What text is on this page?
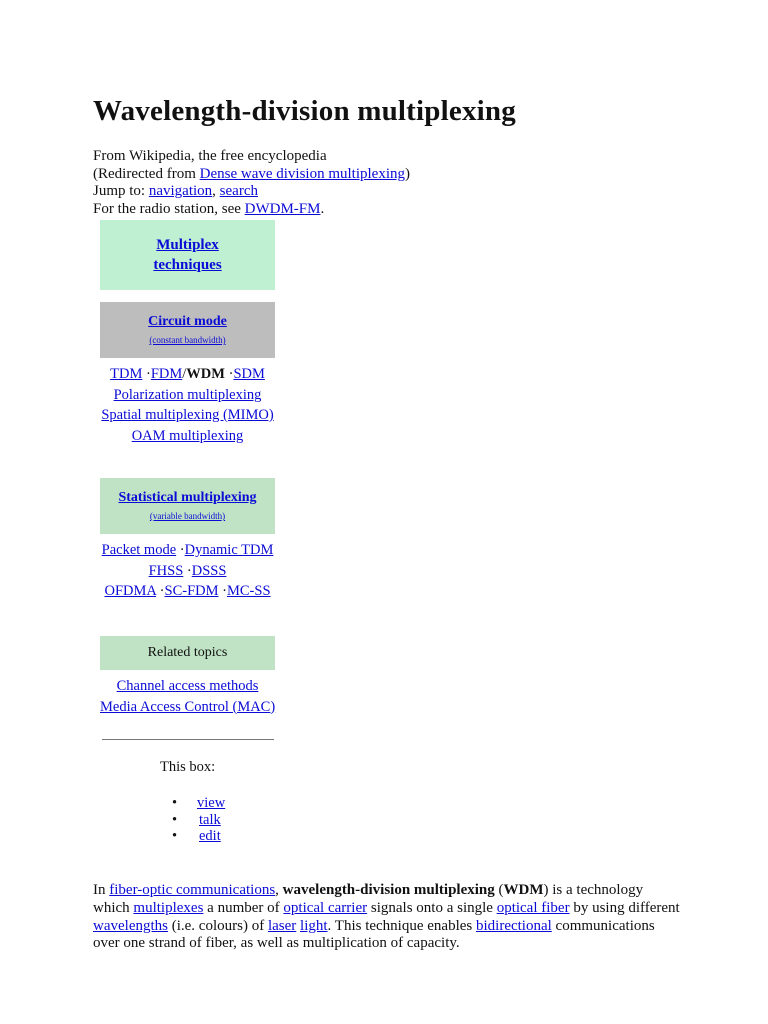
Wavelength-division multiplexing
From Wikipedia, the free encyclopedia
(Redirected from Dense wave division multiplexing)
Jump to: navigation, search
For the radio station, see DWDM-FM.
Multiplex
techniques
Circuit mode
(constant bandwidth)
TDM ·FDM/WDM ·SDM
Polarization multiplexing
Spatial multiplexing (MIMO)
OAM multiplexing
Statistical multiplexing
(variable bandwidth)
Packet mode ·Dynamic TDM
FHSS ·DSSS
OFDMA ·SC-FDM ·MC-SS
Related topics
Channel access methods
Media Access Control (MAC)
This box:
• view
• talk
• edit

In fiber-optic communications, wavelength-division multiplexing (WDM) is a technology which multiplexes a number of optical carrier signals onto a single optical fiber by using different wavelengths (i.e. colours) of laser light. This technique enables bidirectional communications over one strand of fiber, as well as multiplication of capacity.
